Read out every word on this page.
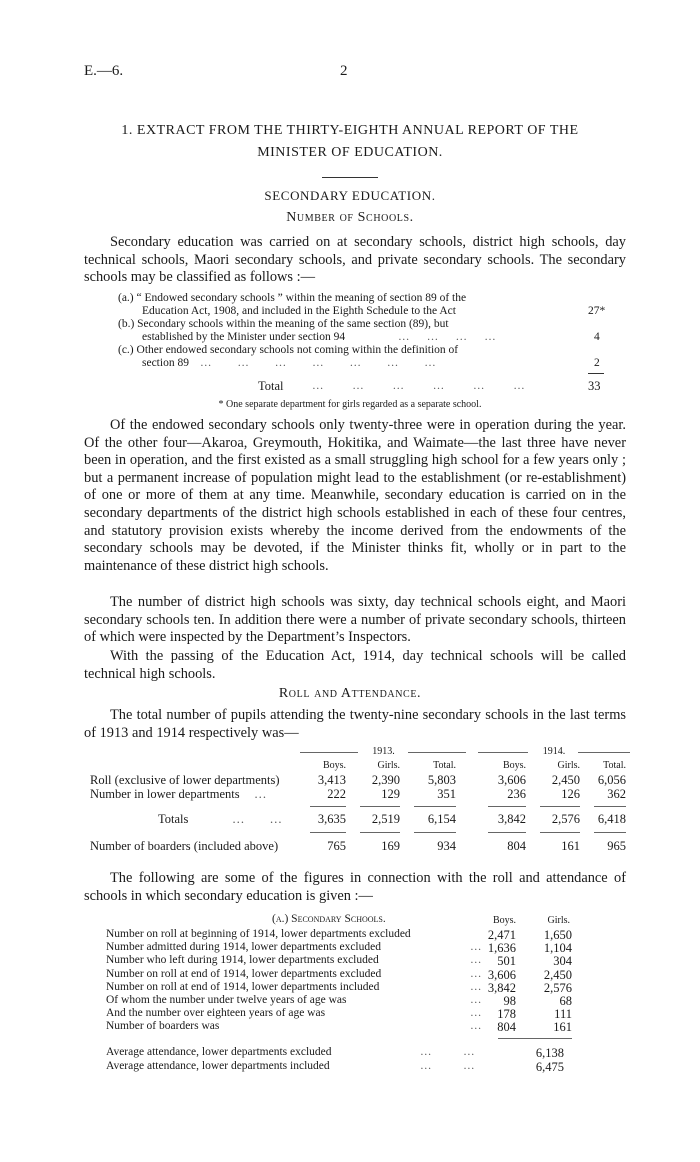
E.—6.	2
1. EXTRACT FROM THE THIRTY-EIGHTH ANNUAL REPORT OF THE
MINISTER OF EDUCATION.
SECONDARY EDUCATION.
Number of Schools.
Secondary education was carried on at secondary schools, district high schools, day technical schools, Maori secondary schools, and private secondary schools. The secondary schools may be classified as follows :—
(a.) “ Endowed secondary schools ” within the meaning of section 89 of the
Education Act, 1908, and included in the Eighth Schedule to the Act	27*
(b.) Secondary schools within the meaning of the same section (89), but
established by the Minister under section 94	…      …      …      …	4
(c.) Other endowed secondary schools not coming within the definition of
section 89 …         …         …         …         …         …         …	2
Total …          …          …          …          …          …	33
* One separate department for girls regarded as a separate school.
Of the endowed secondary schools only twenty-three were in operation during the year. Of the other four—Akaroa, Greymouth, Hokitika, and Waimate—the last three have never been in operation, and the first existed as a small struggling high school for a few years only ; but a permanent increase of population might lead to the establishment (or re-establishment) of one or more of them at any time. Meanwhile, secondary education is carried on in the secondary departments of the district high schools established in each of these four centres, and statutory provision exists whereby the income derived from the endowments of the secondary schools may be devoted, if the Minister thinks fit, wholly or in part to the maintenance of these district high schools.
The number of district high schools was sixty, day technical schools eight, and Maori secondary schools ten. In addition there were a number of private secondary schools, thirteen of which were inspected by the Department’s Inspectors.
With the passing of the Education Act, 1914, day technical schools will be called technical high schools.
Roll and Attendance.
The total number of pupils attending the twenty-nine secondary schools in the last terms of 1913 and 1914 respectively was—
1913.	1914.
Boys.	Girls.	Total.	Boys.	Girls.	Total.
Roll (exclusive of lower departments)	3,413	2,390	5,803	3,606	2,450	6,056
Number in lower departments	222	129	351	236	126	362
…
Totals	…        …	3,635	2,519	6,154	3,842	2,576	6,418
Number of boarders (included above)	765	169	934	804	161	965
The following are some of the figures in connection with the roll and attendance of schools in which secondary education is given :—
(a.) Secondary Schools.	Boys.	Girls.
Number on roll at beginning of 1914, lower departments excluded	2,471	1,650
Number admitted during 1914, lower departments excluded	… 1,636	1,104
Number who left during 1914, lower departments excluded	…	501	304
Number on roll at end of 1914, lower departments excluded	… 3,606	2,450
Number on roll at end of 1914, lower departments included	… 3,842	2,576
Of whom the number under twelve years of age was	…	98	68
And the number over eighteen years of age was	…	178	111
Number of boarders was	…	804	161
Average attendance, lower departments excluded	…           …	6,138
Average attendance, lower departments included	…           …	6,475
